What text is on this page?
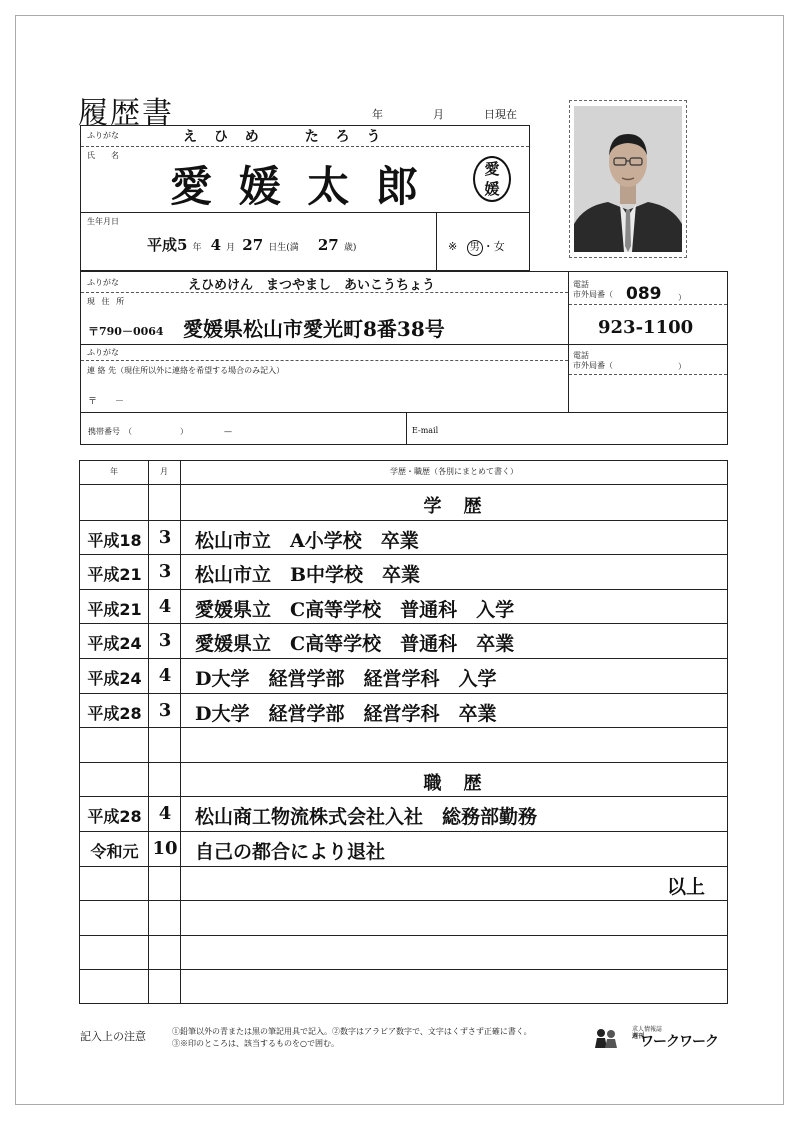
履歴書	年	月	日現在
ふりがな	え ひ め　　た ろ う
氏　名
愛 媛 太 郎	愛
媛
生年月日
平成5 年 4 月 27 日生(満 27 歳)	※ 男 ・女
ふりがな	えひめけん　まつやまし　あいこうちょう
現 住 所
〒790－0064 愛媛県松山市愛光町8番38号
電話
市外局番（ 089 ）
923-1100
ふりがな
連 絡 先（現住所以外に連絡を希望する場合のみ記入）
〒　　－
電話
市外局番（	）
携帯番号　（　　　　　　）　　　　　—	E-mail
年	月	学歴・職歴（各別にまとめて書く）
学　歴
平成18 3	松山市立　A小学校　卒業
平成21 3	松山市立　B中学校　卒業
平成21 4	愛媛県立　C高等学校　普通科　入学
平成24 3	愛媛県立　C高等学校　普通科　卒業
平成24 4	D大学　経営学部　経営学科　入学
平成28 3	D大学　経営学部　経営学科　卒業
職　歴
平成28 4	松山商工物流株式会社入社　総務部勤務
令和元 10 自己の都合により退社
以上
記入上の注意	①鉛筆以外の青または黒の筆記用具で記入。②数字はアラビア数字で、文字はくずさず正確に書く。
③※印のところは、該当するものを○で囲む。
求人情報誌
週刊
ワークワーク
